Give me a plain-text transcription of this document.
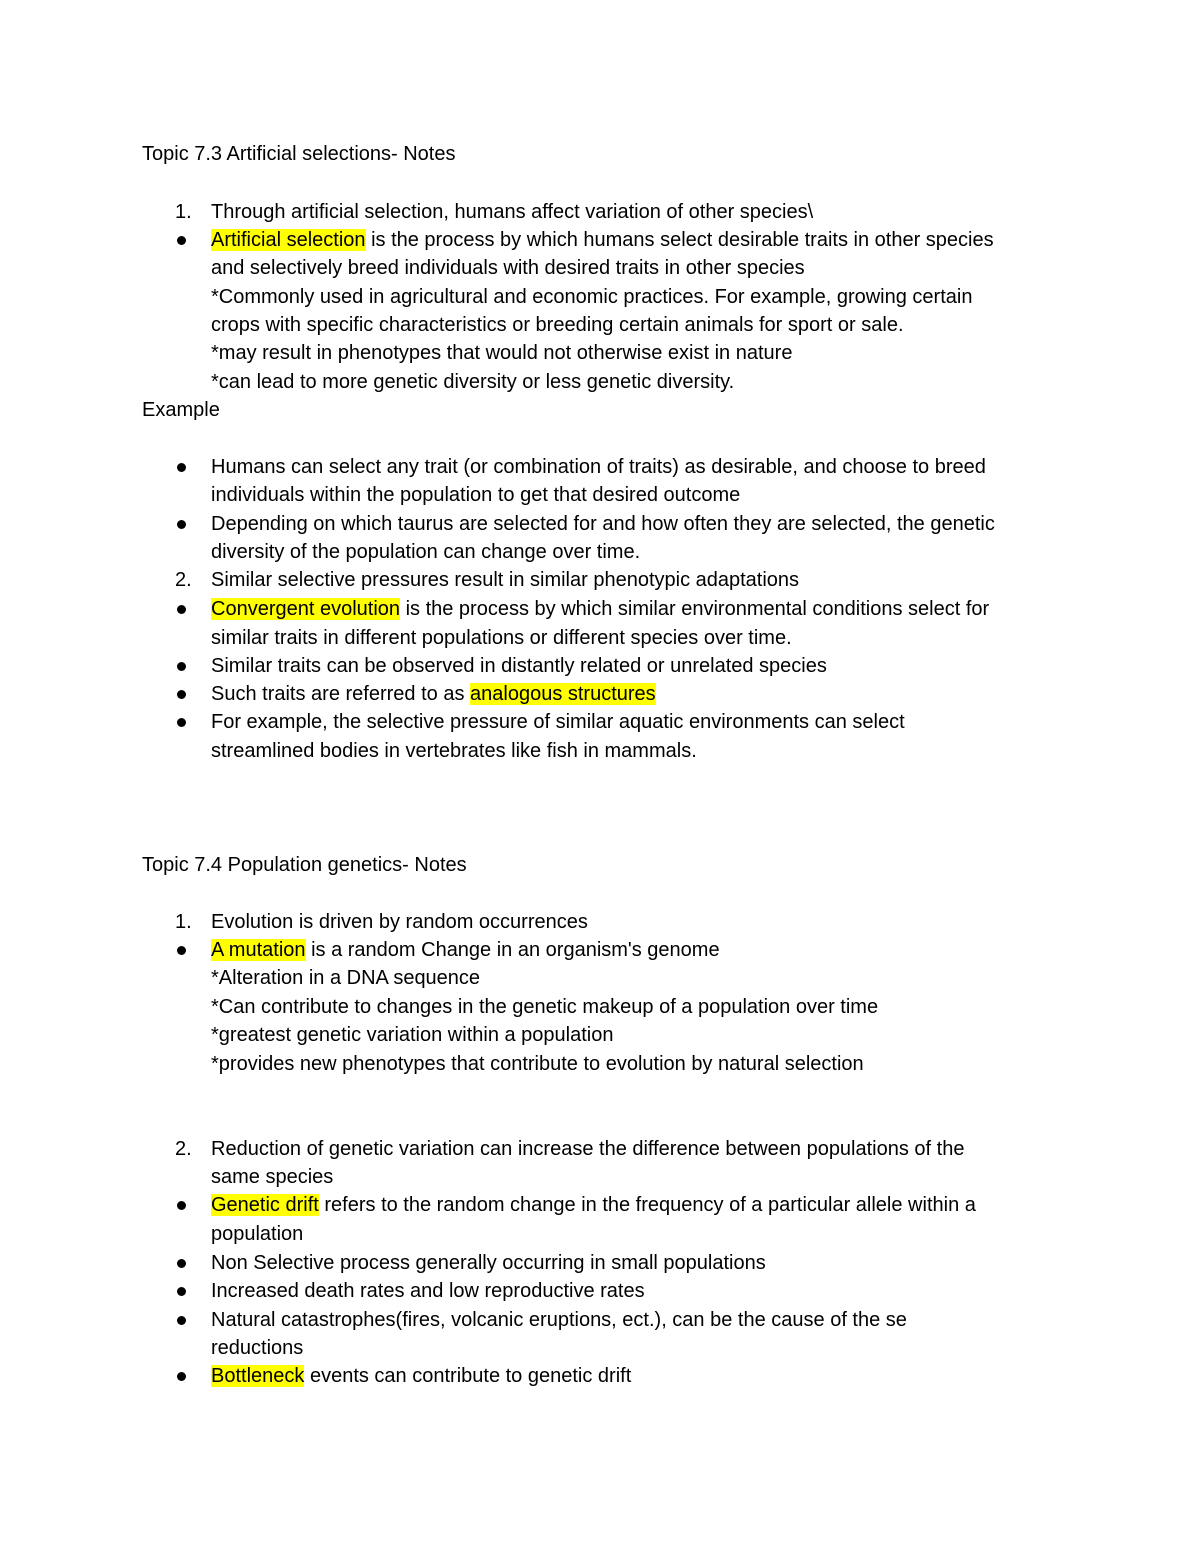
Topic 7.3 Artificial selections- Notes
1. Through artificial selection, humans affect variation of other species\
Artificial selection is the process by which humans select desirable traits in other species
and selectively breed individuals with desired traits in other species
*Commonly used in agricultural and economic practices. For example, growing certain
crops with specific characteristics or breeding certain animals for sport or sale.
*may result in phenotypes that would not otherwise exist in nature
*can lead to more genetic diversity or less genetic diversity.
Example
Humans can select any trait (or combination of traits) as desirable, and choose to breed
individuals within the population to get that desired outcome
Depending on which taurus are selected for and how often they are selected, the genetic
diversity of the population can change over time.
2. Similar selective pressures result in similar phenotypic adaptations
Convergent evolution is the process by which similar environmental conditions select for
similar traits in different populations or different species over time.
Similar traits can be observed in distantly related or unrelated species
Such traits are referred to as analogous structures
For example, the selective pressure of similar aquatic environments can select
streamlined bodies in vertebrates like fish in mammals.
Topic 7.4 Population genetics- Notes
1. Evolution is driven by random occurrences
A mutation is a random Change in an organism's genome
*Alteration in a DNA sequence
*Can contribute to changes in the genetic makeup of a population over time
*greatest genetic variation within a population
*provides new phenotypes that contribute to evolution by natural selection
2. Reduction of genetic variation can increase the difference between populations of the
same species
Genetic drift refers to the random change in the frequency of a particular allele within a
population
Non Selective process generally occurring in small populations
Increased death rates and low reproductive rates
Natural catastrophes(fires, volcanic eruptions, ect.), can be the cause of the se
reductions
Bottleneck events can contribute to genetic drift
